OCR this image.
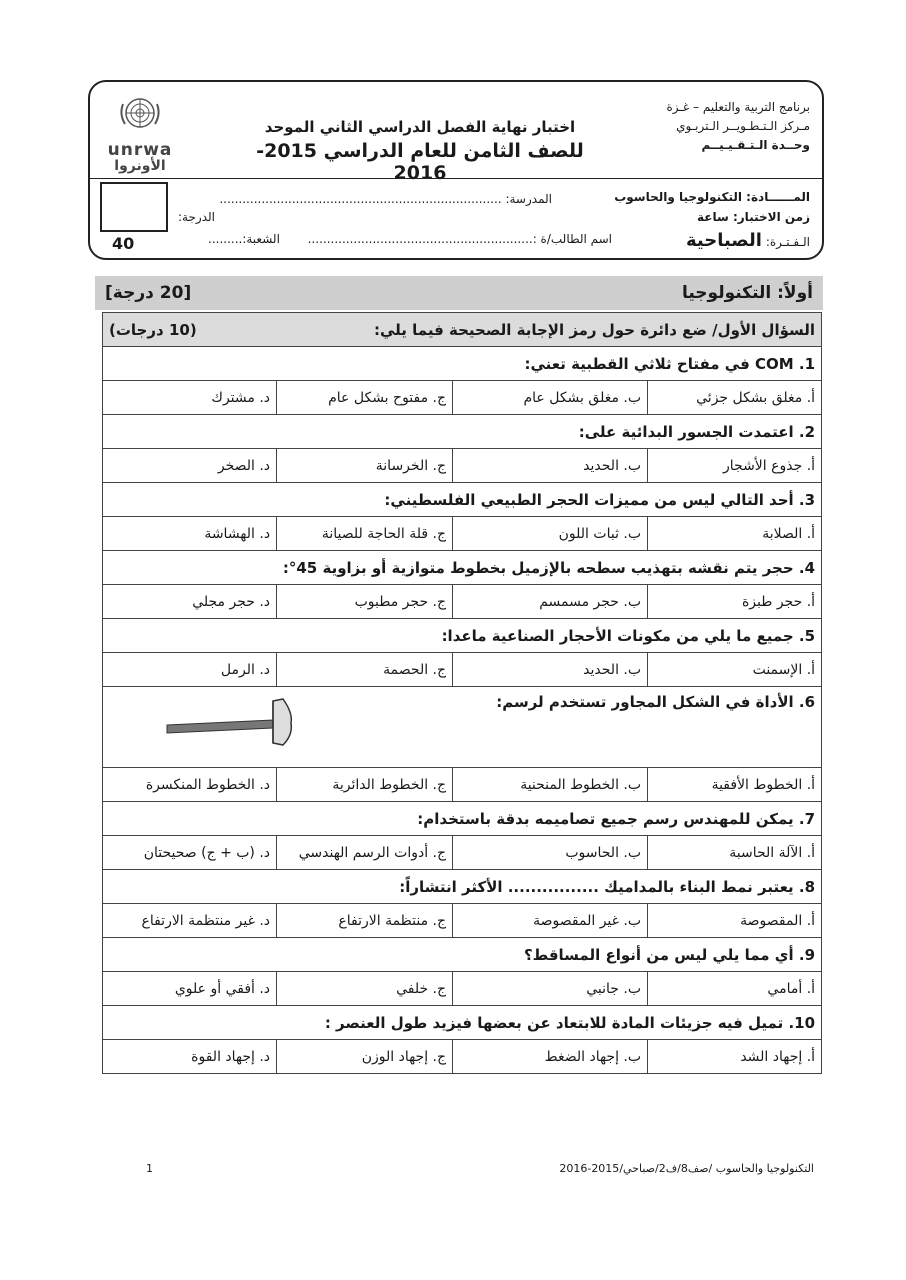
برنامج التربية والتعليم – غـزة
مـركز الـتـطـويــر الـتربـوي
وحــدة الـتـقـيـيــم
اختبار نهاية الفصل الدراسي الثاني الموحد
للصف الثامن للعام الدراسي 2015-2016
unrwa
الأونروا
المــــــادة: التكنولوجيا والحاسوب
زمن الاختبار: ساعة
الـفـتـرة: الصباحية
المدرسة: ..........................................................................
اسم الطالب/ة :...........................................................
الشعبة:.........
الدرجة:
40
أولاً: التكنولوجيا
[20 درجة]
السؤال الأول/ ضع دائرة حول رمز الإجابة الصحيحة فيما يلي:
(10 درجات)			

1. COM في مفتاح ثلاثي القطبية تعني:			
أ. مغلق بشكل جزئي	ب. مغلق بشكل عام	ج. مفتوح بشكل عام	د. مشترك
2. اعتمدت الجسور البدائية على:			
أ. جذوع الأشجار	ب. الحديد	ج. الخرسانة	د. الصخر
3. أحد التالي ليس من مميزات الحجر الطبيعي الفلسطيني:			
أ. الصلابة	ب. ثبات اللون	ج. قلة الحاجة للصيانة	د. الهشاشة
4. حجر يتم نقشه بتهذيب سطحه بالإزميل بخطوط متوازية أو بزاوية 45°:			
أ. حجر طبزة	ب. حجر مسمسم	ج. حجر مطبوب	د. حجر مجلي
5. جميع ما يلي من مكونات الأحجار الصناعية ماعدا:			
أ. الإسمنت	ب. الحديد	ج. الحصمة	د. الرمل
6. الأداة في الشكل المجاور تستخدم لرسم:			

أ. الخطوط الأفقية	ب. الخطوط المنحنية	ج. الخطوط الدائرية	د. الخطوط المنكسرة
7. يمكن للمهندس رسم جميع تصاميمه بدقة باستخدام:			
أ. الآلة الحاسبة	ب. الحاسوب	ج. أدوات الرسم الهندسي	د. (ب + ج) صحيحتان
8. يعتبر نمط البناء بالمداميك ................ الأكثر انتشاراً:			
أ. المقصوصة	ب. غير المقصوصة	ج. منتظمة الارتفاع	د. غير منتظمة الارتفاع
9. أي مما يلي ليس من أنواع المساقط؟			
أ. أمامي	ب. جانبي	ج. خلفي	د. أفقي أو علوي
10. تميل فيه جزيئات المادة للابتعاد عن بعضها فيزيد طول العنصر :			
أ. إجهاد الشد	ب. إجهاد الضغط	ج. إجهاد الوزن	د. إجهاد القوة
التكنولوجيا والحاسوب /صف8/ف2/صباحي/2015-2016
1
